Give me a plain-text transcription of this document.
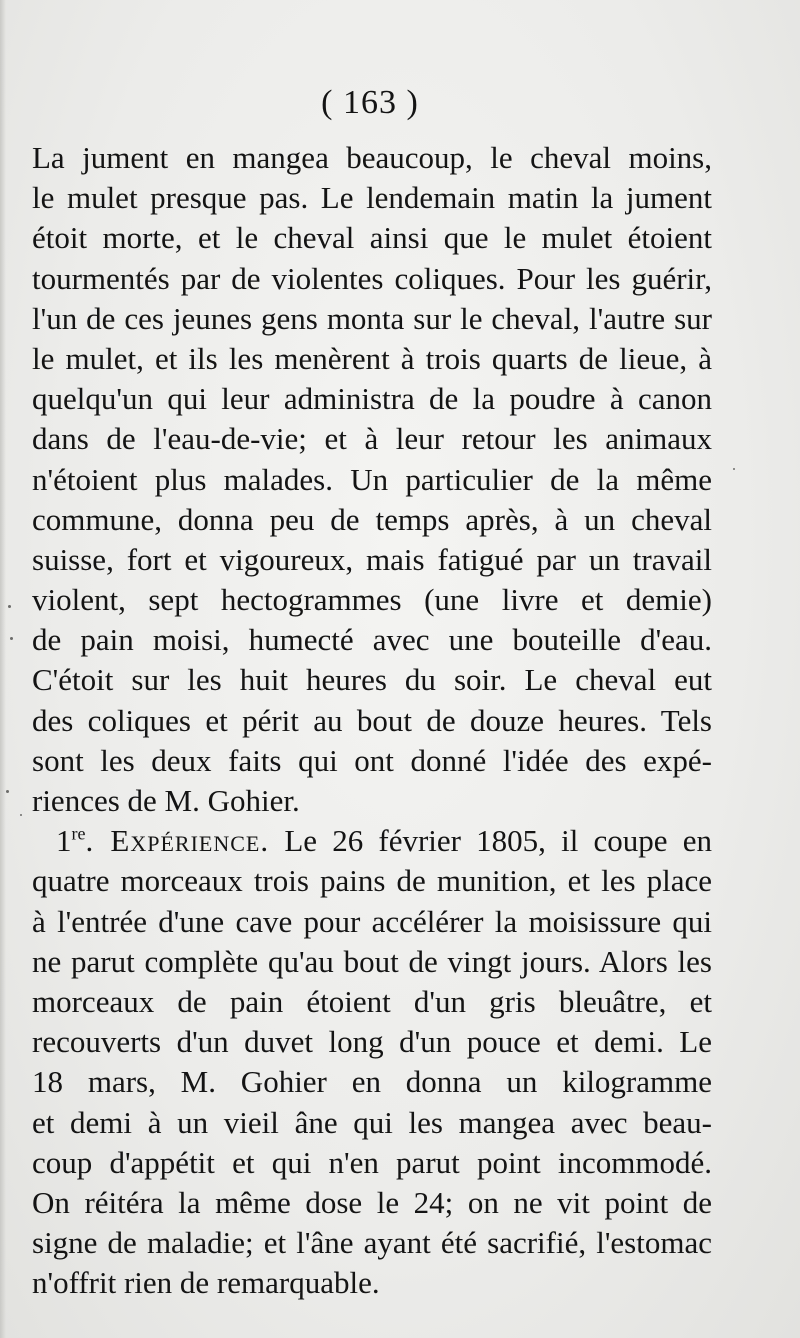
( 163 )
La jument en mangea beaucoup, le cheval moins,
le mulet presque pas. Le lendemain matin la jument
étoit morte, et le cheval ainsi que le mulet étoient
tourmentés par de violentes coliques. Pour les guérir,
l'un de ces jeunes gens monta sur le cheval, l'autre sur
le mulet, et ils les menèrent à trois quarts de lieue, à
quelqu'un qui leur administra de la poudre à canon
dans de l'eau-de-vie; et à leur retour les animaux
n'étoient plus malades. Un particulier de la même
commune, donna peu de temps après, à un cheval
suisse, fort et vigoureux, mais fatigué par un travail
violent, sept hectogrammes (une livre et demie)
de pain moisi, humecté avec une bouteille d'eau.
C'étoit sur les huit heures du soir. Le cheval eut
des coliques et périt au bout de douze heures. Tels
sont les deux faits qui ont donné l'idée des expé-
riences de M. Gohier.
1re. Expérience. Le 26 février 1805, il coupe en
quatre morceaux trois pains de munition, et les place
à l'entrée d'une cave pour accélérer la moisissure qui
ne parut complète qu'au bout de vingt jours. Alors les
morceaux de pain étoient d'un gris bleuâtre, et
recouverts d'un duvet long d'un pouce et demi. Le
18 mars, M. Gohier en donna un kilogramme
et demi à un vieil âne qui les mangea avec beau-
coup d'appétit et qui n'en parut point incommodé.
On réitéra la même dose le 24; on ne vit point de
signe de maladie; et l'âne ayant été sacrifié, l'estomac
n'offrit rien de remarquable.
